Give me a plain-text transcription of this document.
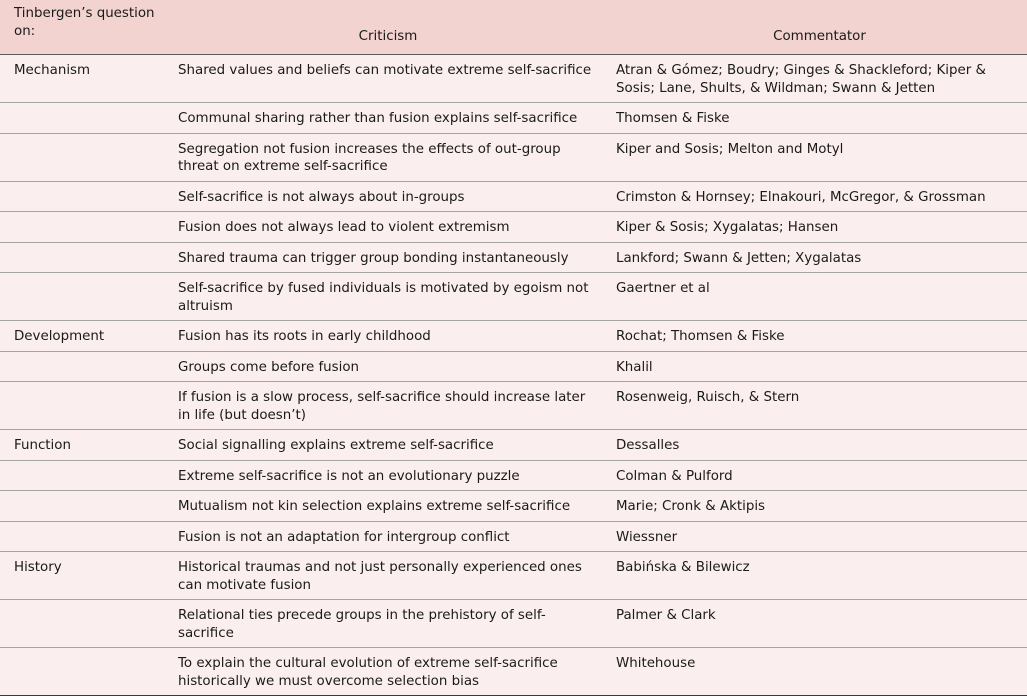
Tinbergen’s question on:	Criticism	Commentator
Mechanism	Shared values and beliefs can motivate extreme self-sacrifice	Atran & Gómez; Boudry; Ginges & Shackleford; Kiper & Sosis; Lane, Shults, & Wildman; Swann & Jetten
	Communal sharing rather than fusion explains self-sacrifice	Thomsen & Fiske
	Segregation not fusion increases the effects of out-group threat on extreme self-sacrifice	Kiper and Sosis; Melton and Motyl
	Self-sacrifice is not always about in-groups	Crimston & Hornsey; Elnakouri, McGregor, & Grossman
	Fusion does not always lead to violent extremism	Kiper & Sosis; Xygalatas; Hansen
	Shared trauma can trigger group bonding instantaneously	Lankford; Swann & Jetten; Xygalatas
	Self-sacrifice by fused individuals is motivated by egoism not altruism	Gaertner et al
Development	Fusion has its roots in early childhood	Rochat; Thomsen & Fiske
	Groups come before fusion	Khalil
	If fusion is a slow process, self-sacrifice should increase later in life (but doesn’t)	Rosenweig, Ruisch, & Stern
Function	Social signalling explains extreme self-sacrifice	Dessalles
	Extreme self-sacrifice is not an evolutionary puzzle	Colman & Pulford
	Mutualism not kin selection explains extreme self-sacrifice	Marie; Cronk & Aktipis
	Fusion is not an adaptation for intergroup conflict	Wiessner
History	Historical traumas and not just personally experienced ones can motivate fusion	Babińska & Bilewicz
	Relational ties precede groups in the prehistory of self-sacrifice	Palmer & Clark
	To explain the cultural evolution of extreme self-sacrifice historically we must overcome selection bias	Whitehouse
